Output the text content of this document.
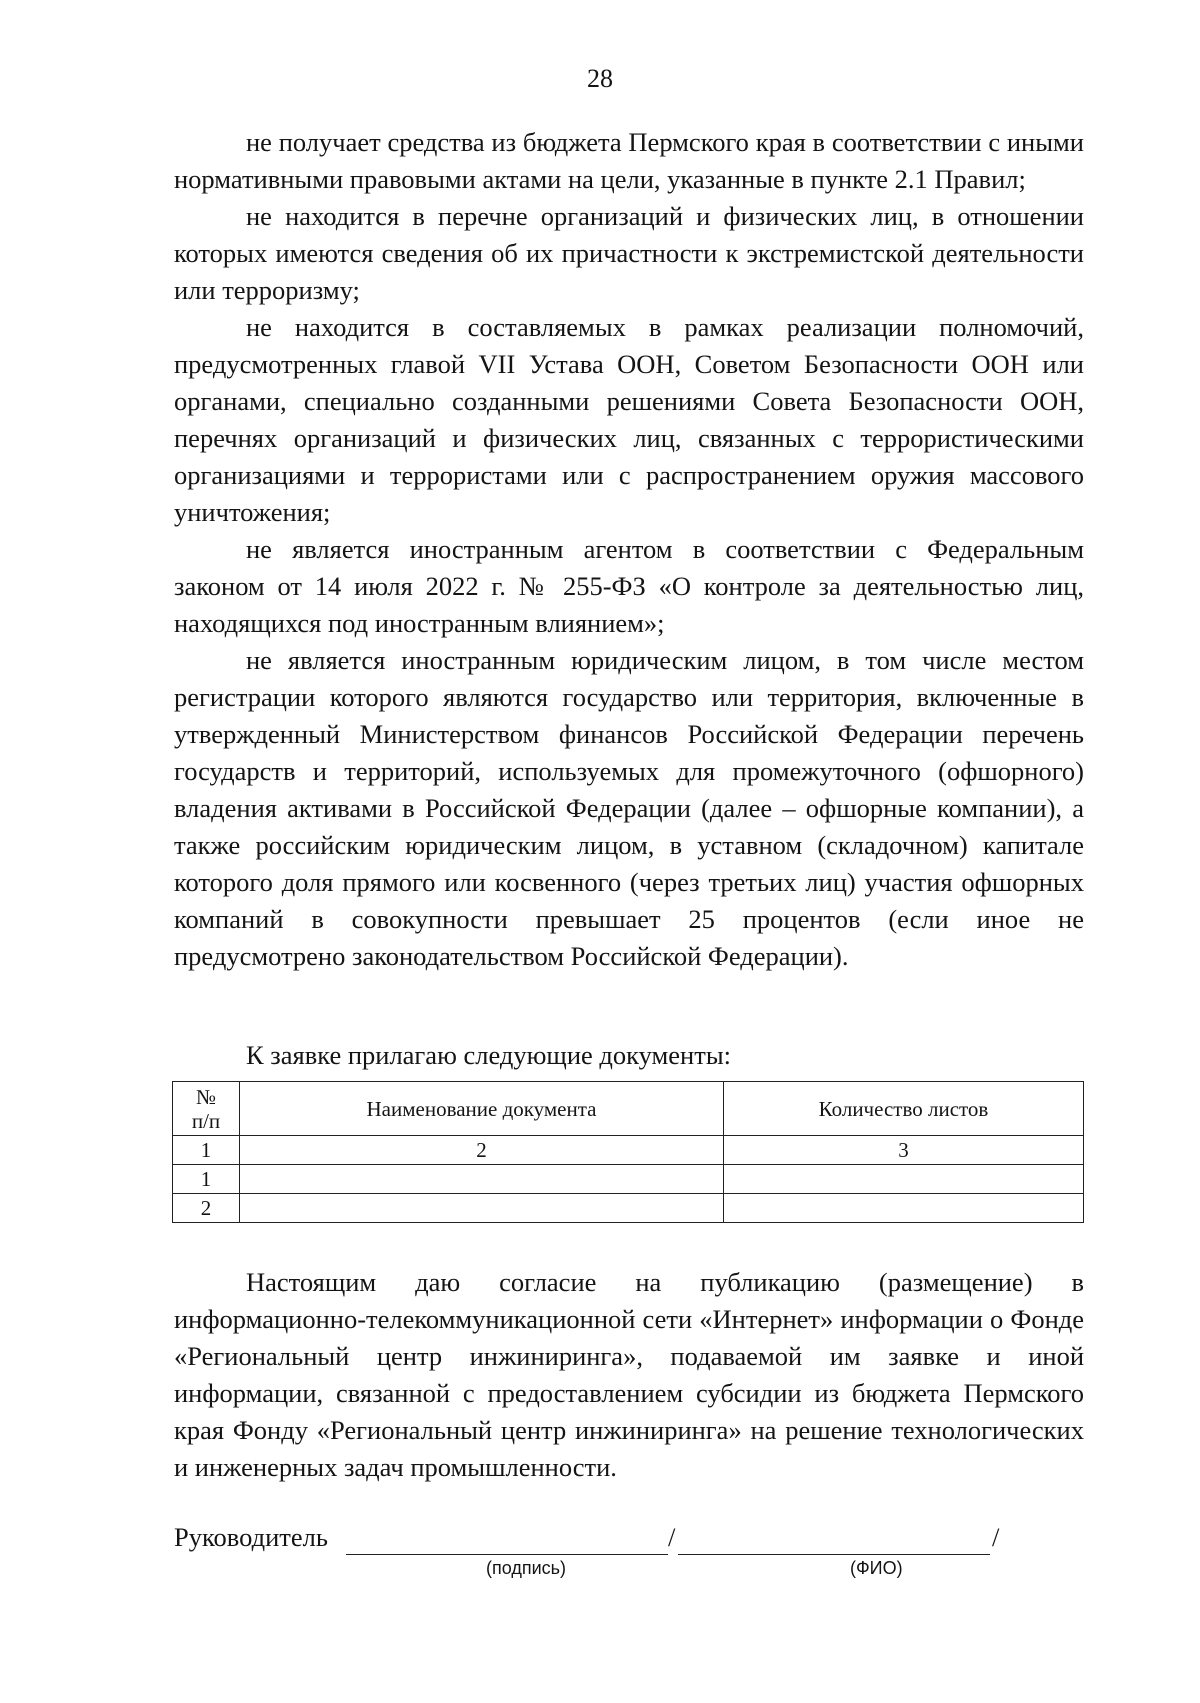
28

не получает средства из бюджета Пермского края в соответствии с иными нормативными правовыми актами на цели, указанные в пункте 2.1 Правил;

не находится в перечне организаций и физических лиц, в отношении которых имеются сведения об их причастности к экстремистской деятельности или терроризму;

не находится в составляемых в рамках реализации полномочий, предусмотренных главой VII Устава ООН, Советом Безопасности ООН или органами, специально созданными решениями Совета Безопасности ООН, перечнях организаций и физических лиц, связанных с террористическими организациями и террористами или с распространением оружия массового уничтожения;

не является иностранным агентом в соответствии с Федеральным законом от 14 июля 2022 г. № 255-ФЗ «О контроле за деятельностью лиц, находящихся под иностранным влиянием»;

не является иностранным юридическим лицом, в том числе местом регистрации которого являются государство или территория, включенные в утвержденный Министерством финансов Российской Федерации перечень государств и территорий, используемых для промежуточного (офшорного) владения активами в Российской Федерации (далее – офшорные компании), а также российским юридическим лицом, в уставном (складочном) капитале которого доля прямого или косвенного (через третьих лиц) участия офшорных компаний в совокупности превышает 25 процентов (если иное не предусмотрено законодательством Российской Федерации).

К заявке прилагаю следующие документы:
№
п/п	Наименование документа	Количество листов
1	2	3
1		
2		

Настоящим даю согласие на публикацию (размещение) в информационно-телекоммуникационной сети «Интернет» информации о Фонде «Региональный центр инжиниринга», подаваемой им заявке и иной информации, связанной с предоставлением субсидии из бюджета Пермского края Фонду «Региональный центр инжиниринга» на решение технологических и инженерных задач промышленности.

Руководитель	/	/
(подпись)	(ФИО)
